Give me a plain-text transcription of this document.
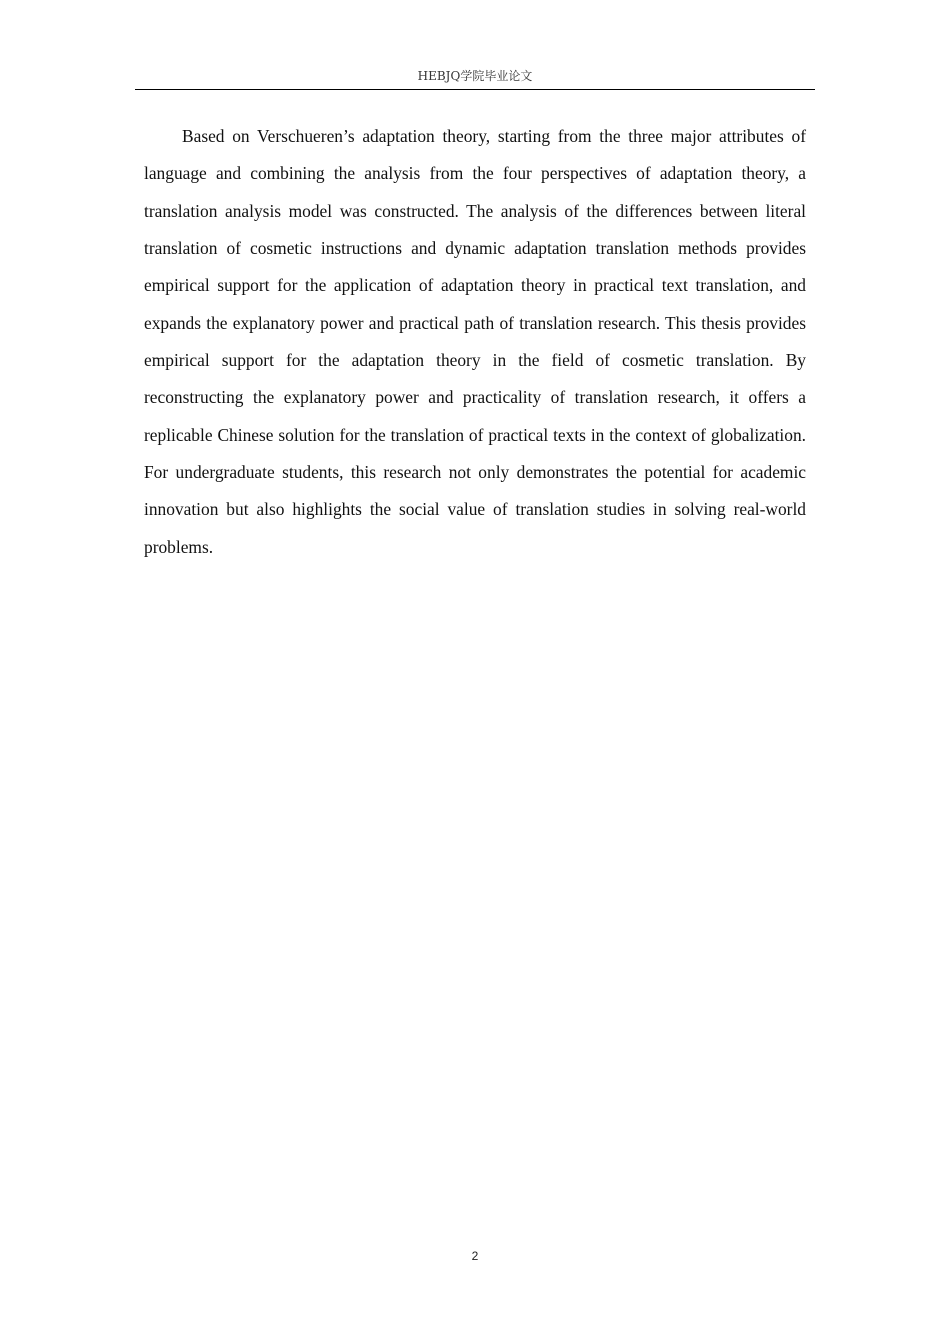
HEBJQ学院毕业论文

Based on Verschueren’s adaptation theory, starting from the three major attributes of language and combining the analysis from the four perspectives of adaptation theory, a translation analysis model was constructed. The analysis of the differences between literal translation of cosmetic instructions and dynamic adaptation translation methods provides empirical support for the application of adaptation theory in practical text translation, and expands the explanatory power and practical path of translation research. This thesis provides empirical support for the adaptation theory in the field of cosmetic translation. By reconstructing the explanatory power and practicality of translation research, it offers a replicable Chinese solution for the translation of practical texts in the context of globalization. For undergraduate students, this research not only demonstrates the potential for academic innovation but also highlights the social value of translation studies in solving real-world problems.

2
